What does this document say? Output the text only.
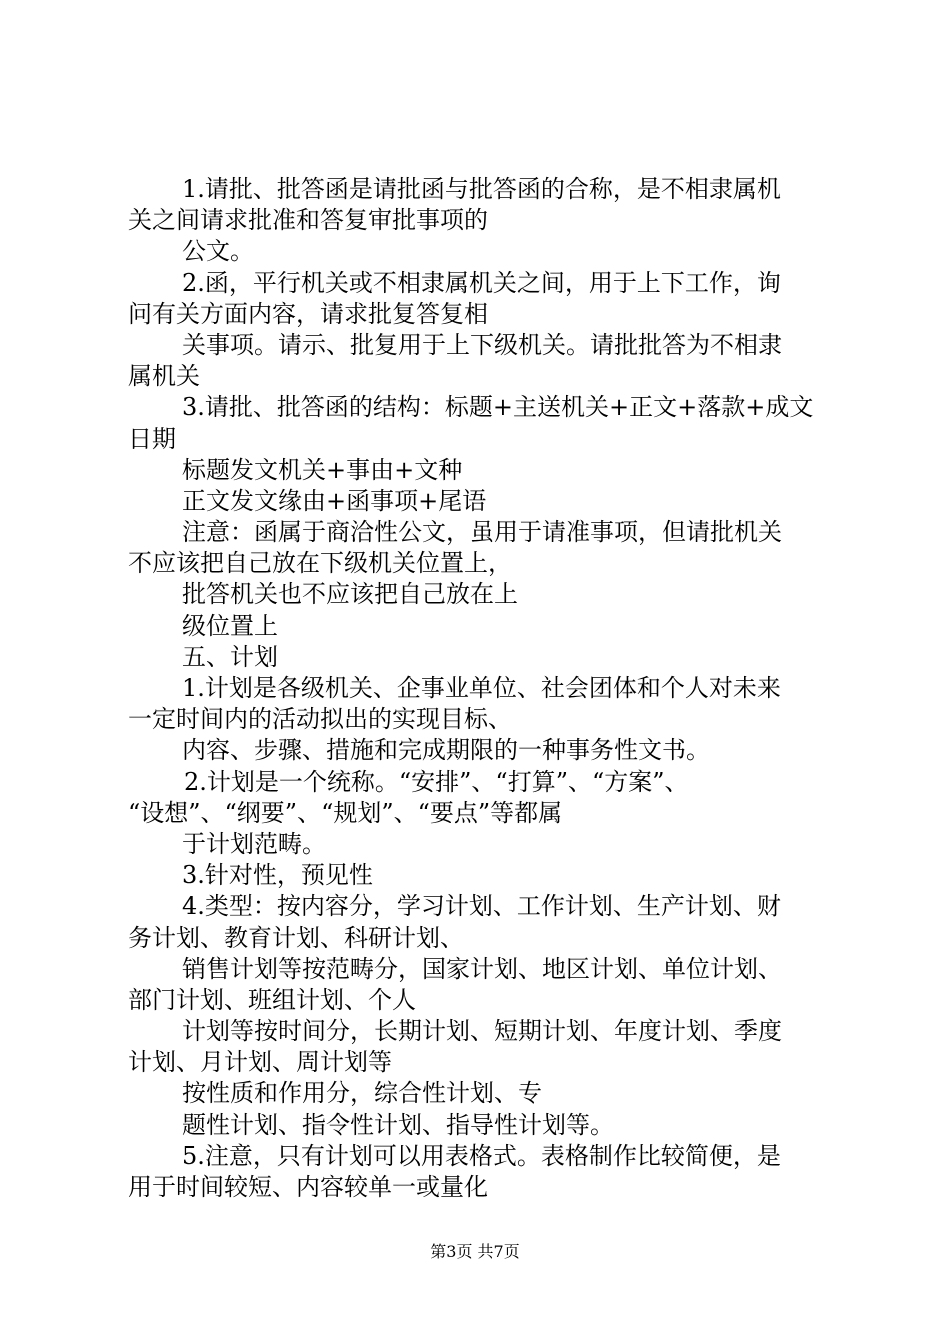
1.请批、批答函是请批函与批答函的合称，是不相隶属机
关之间请求批准和答复审批事项的
公文。
2.函，平行机关或不相隶属机关之间，用于上下工作，询
问有关方面内容，请求批复答复相
关事项。请示、批复用于上下级机关。请批批答为不相隶
属机关
3.请批、批答函的结构：标题+主送机关+正文+落款+成文
日期
标题发文机关+事由+文种
正文发文缘由+函事项+尾语
注意：函属于商洽性公文，虽用于请准事项，但请批机关
不应该把自己放在下级机关位置上，
批答机关也不应该把自己放在上
级位置上
五、计划
1.计划是各级机关、企事业单位、社会团体和个人对未来
一定时间内的活动拟出的实现目标、
内容、步骤、措施和完成期限的一种事务性文书。
2.计划是一个统称。“安排”、“打算”、“方案”、
“设想”、“纲要”、“规划”、“要点”等都属
于计划范畴。
3.针对性，预见性
4.类型：按内容分，学习计划、工作计划、生产计划、财
务计划、教育计划、科研计划、
销售计划等按范畴分，国家计划、地区计划、单位计划、
部门计划、班组计划、个人
计划等按时间分，长期计划、短期计划、年度计划、季度
计划、月计划、周计划等
按性质和作用分，综合性计划、专
题性计划、指令性计划、指导性计划等。
5.注意，只有计划可以用表格式。表格制作比较简便，是
用于时间较短、内容较单一或量化
第3页 共7页
